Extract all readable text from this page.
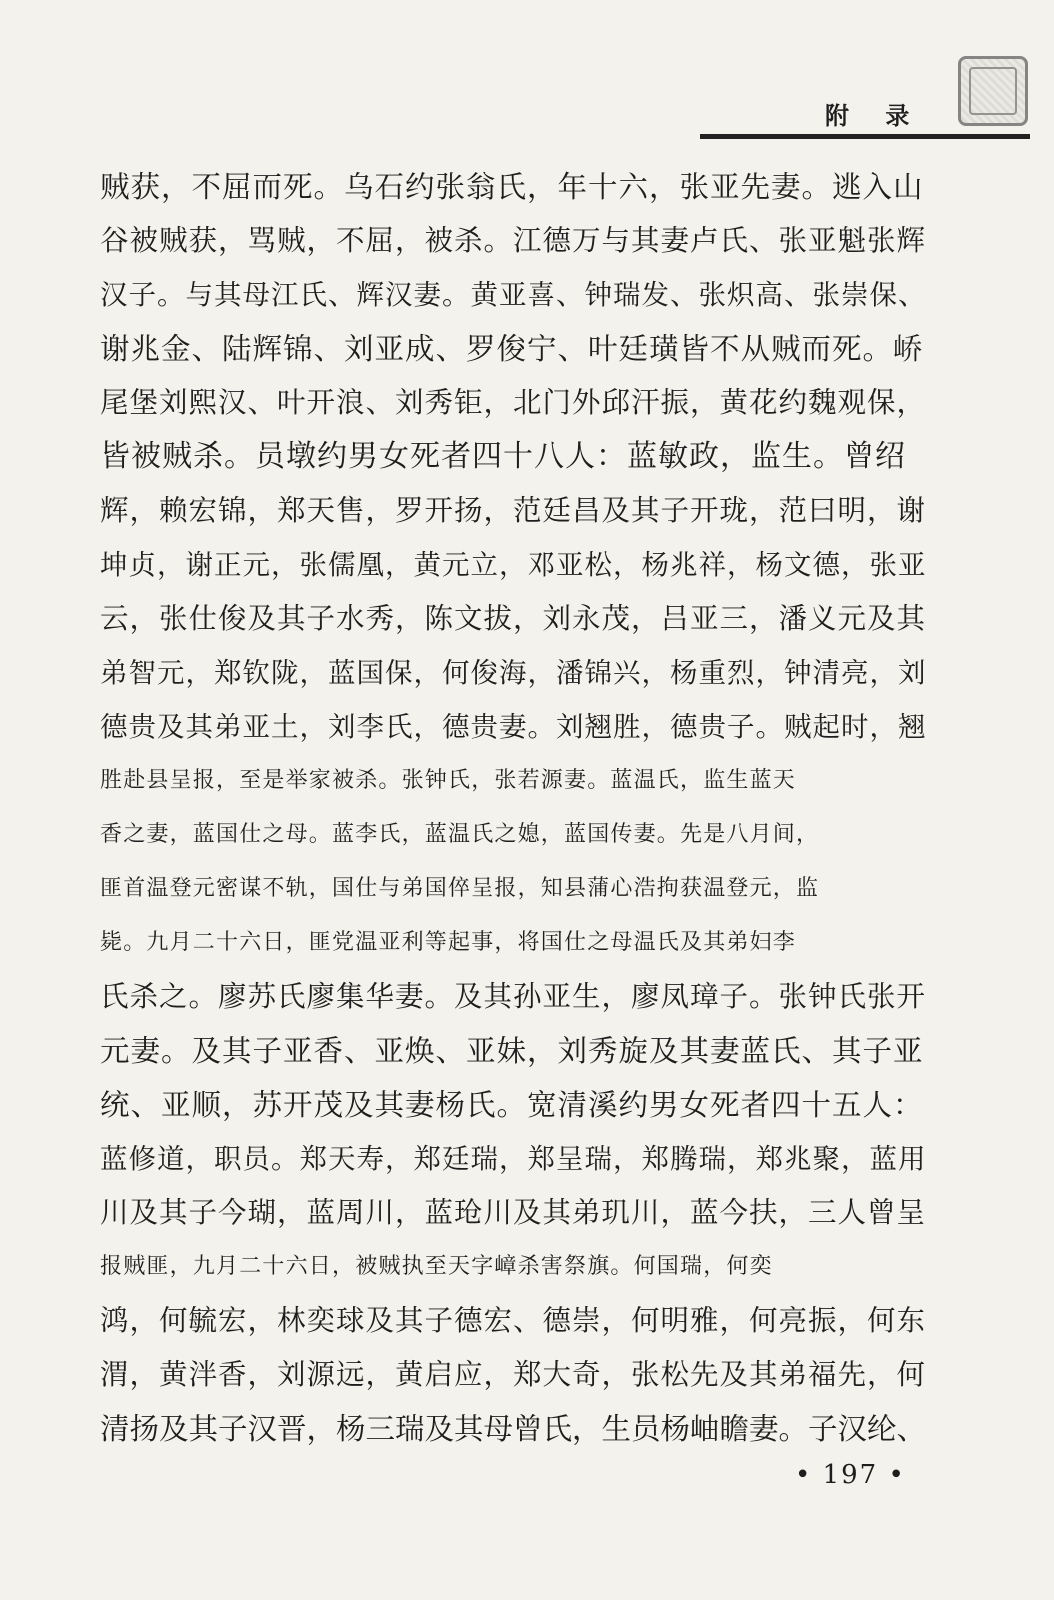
附 录
贼获，不屈而死。乌石约张翁氏，年十六，张亚先妻。逃入山
谷被贼获，骂贼，不屈，被杀。江德万与其妻卢氏、张亚魁张辉
汉子。与其母江氏、辉汉妻。黄亚喜、钟瑞发、张炽高、张崇保、
谢兆金、陆辉锦、刘亚成、罗俊宁、叶廷璜皆不从贼而死。峤
尾堡刘熙汉、叶开浪、刘秀钜，北门外邱汗振，黄花约魏观保，
皆被贼杀。员墩约男女死者四十八人：蓝敏政，监生。曾绍
辉，赖宏锦，郑天售，罗开扬，范廷昌及其子开珑，范曰明，谢
坤贞，谢正元，张儒凰，黄元立，邓亚松，杨兆祥，杨文德，张亚
云，张仕俊及其子水秀，陈文拔，刘永茂，吕亚三，潘义元及其
弟智元，郑钦陇，蓝国保，何俊海，潘锦兴，杨重烈，钟清亮，刘
德贵及其弟亚土，刘李氏，德贵妻。刘翘胜，德贵子。贼起时，翘
胜赴县呈报，至是举家被杀。张钟氏，张若源妻。蓝温氏，监生蓝天
香之妻，蓝国仕之母。蓝李氏，蓝温氏之媳，蓝国传妻。先是八月间，
匪首温登元密谋不轨，国仕与弟国倅呈报，知县蒲心浩拘获温登元，监
毙。九月二十六日，匪党温亚利等起事，将国仕之母温氏及其弟妇李
氏杀之。廖苏氏廖集华妻。及其孙亚生，廖凤璋子。张钟氏张开
元妻。及其子亚香、亚焕、亚妹，刘秀旋及其妻蓝氏、其子亚
统、亚顺，苏开茂及其妻杨氏。宽清溪约男女死者四十五人：
蓝修道，职员。郑天寿，郑廷瑞，郑呈瑞，郑腾瑞，郑兆聚，蓝用
川及其子今瑚，蓝周川，蓝玱川及其弟玑川，蓝今扶，三人曾呈
报贼匪，九月二十六日，被贼执至天字嶂杀害祭旗。何国瑞，何奕
鸿，何毓宏，林奕球及其子德宏、德崇，何明雅，何亮振，何东
渭，黄泮香，刘源远，黄启应，郑大奇，张松先及其弟福先，何
清扬及其子汉晋，杨三瑞及其母曾氏，生员杨岫瞻妻。子汉纶、
• 197 •
